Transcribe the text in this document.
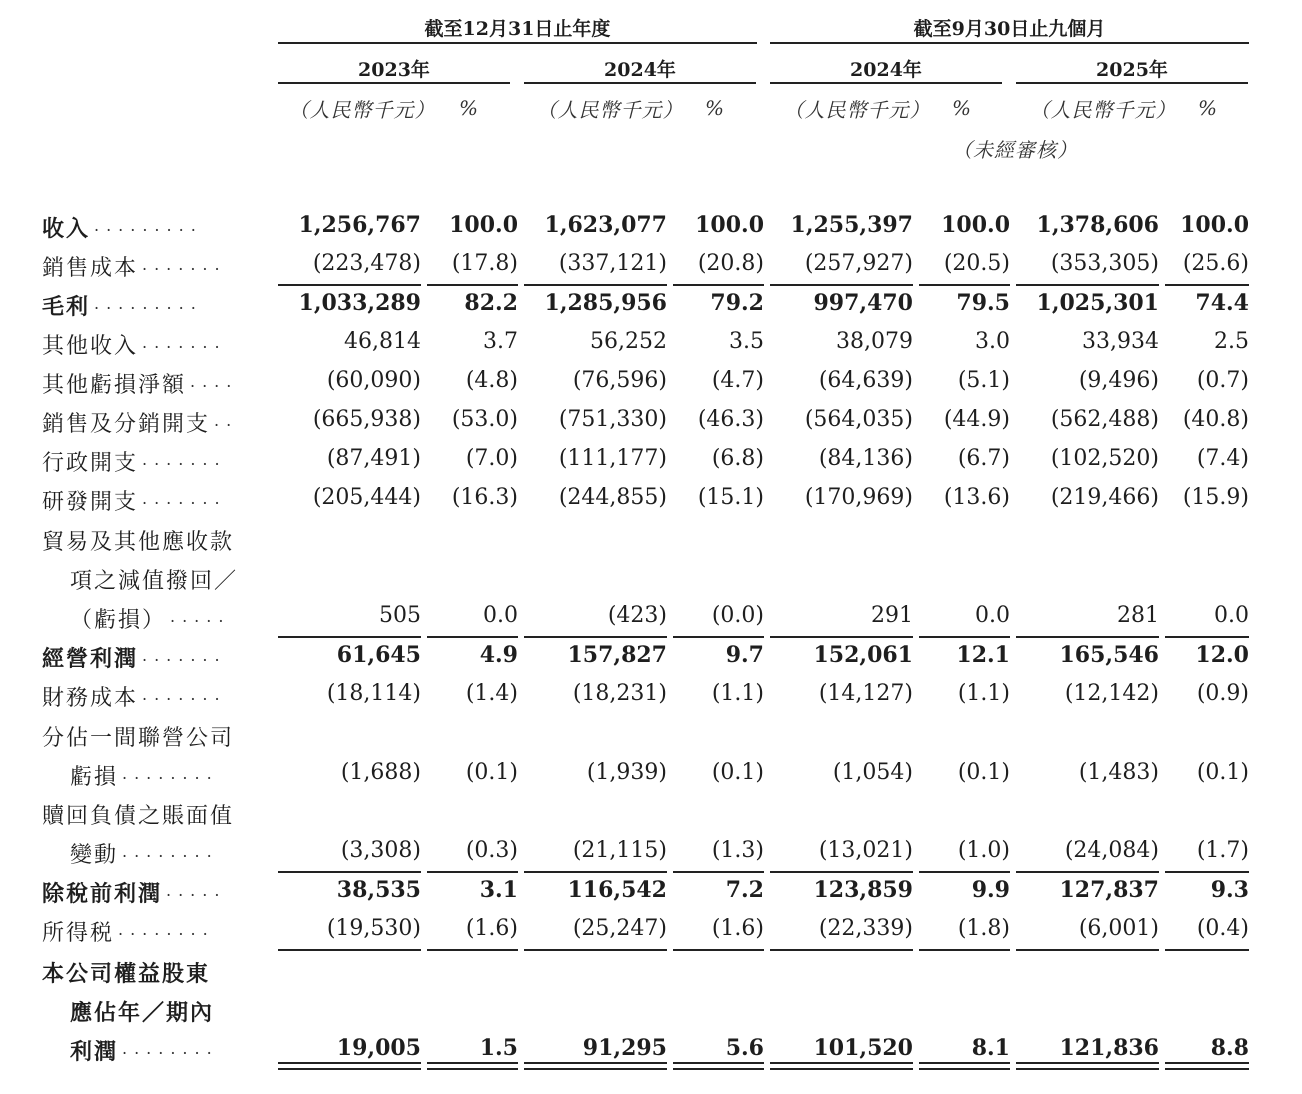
截至12月31日止年度	截至9月30日止九個月
2023年	2024年	2024年	2025年
（人民幣千元）	（人民幣千元）	（人民幣千元）	（人民幣千元）
%	%	%	%
（未經審核）
收入 .........	1,256,767	100.0	1,623,077	100.0	1,255,397	100.0	1,378,606 100.0
銷售成本 .......	(223,478)	(17.8)	(337,121)	(20.8)	(257,927)	(20.5)	(353,305)	(25.6)
毛利 .........	1,033,289	82.2	1,285,956	79.2	997,470	79.5	1,025,301	74.4
其他收入 .......	46,814	3.7	56,252	3.5	38,079	3.0	33,934	2.5
其他虧損淨額 ....	(60,090)	(4.8)	(76,596)	(4.7)	(64,639)	(5.1)	(9,496)	(0.7)
銷售及分銷開支 ..	(665,938)	(53.0)	(751,330)	(46.3)	(564,035)	(44.9)	(562,488)	(40.8)
行政開支 .......	(87,491)	(7.0)	(111,177)	(6.8)	(84,136)	(6.7)	(102,520)	(7.4)
研發開支 .......	(205,444)	(16.3)	(244,855)	(15.1)	(170,969)	(13.6)	(219,466)	(15.9)
貿易及其他應收款
項之減值撥回／
（虧損） .....	505	0.0	(423)	(0.0)	291	0.0	281	0.0
經營利潤 .......	61,645	4.9	157,827	9.7	152,061	12.1	165,546	12.0
財務成本 .......	(18,114)	(1.4)	(18,231)	(1.1)	(14,127)	(1.1)	(12,142)	(0.9)
分佔一間聯營公司
虧損 ........	(1,688)	(0.1)	(1,939)	(0.1)	(1,054)	(0.1)	(1,483)	(0.1)
贖回負債之賬面值
變動 ........	(3,308)	(0.3)	(21,115)	(1.3)	(13,021)	(1.0)	(24,084)	(1.7)
除稅前利潤 .....	38,535	3.1	116,542	7.2	123,859	9.9	127,837	9.3
所得税 ........	(19,530)	(1.6)	(25,247)	(1.6)	(22,339)	(1.8)	(6,001)	(0.4)
本公司權益股東
應佔年／期內
利潤 ........	19,005	1.5	91,295	5.6	101,520	8.1	121,836	8.8
